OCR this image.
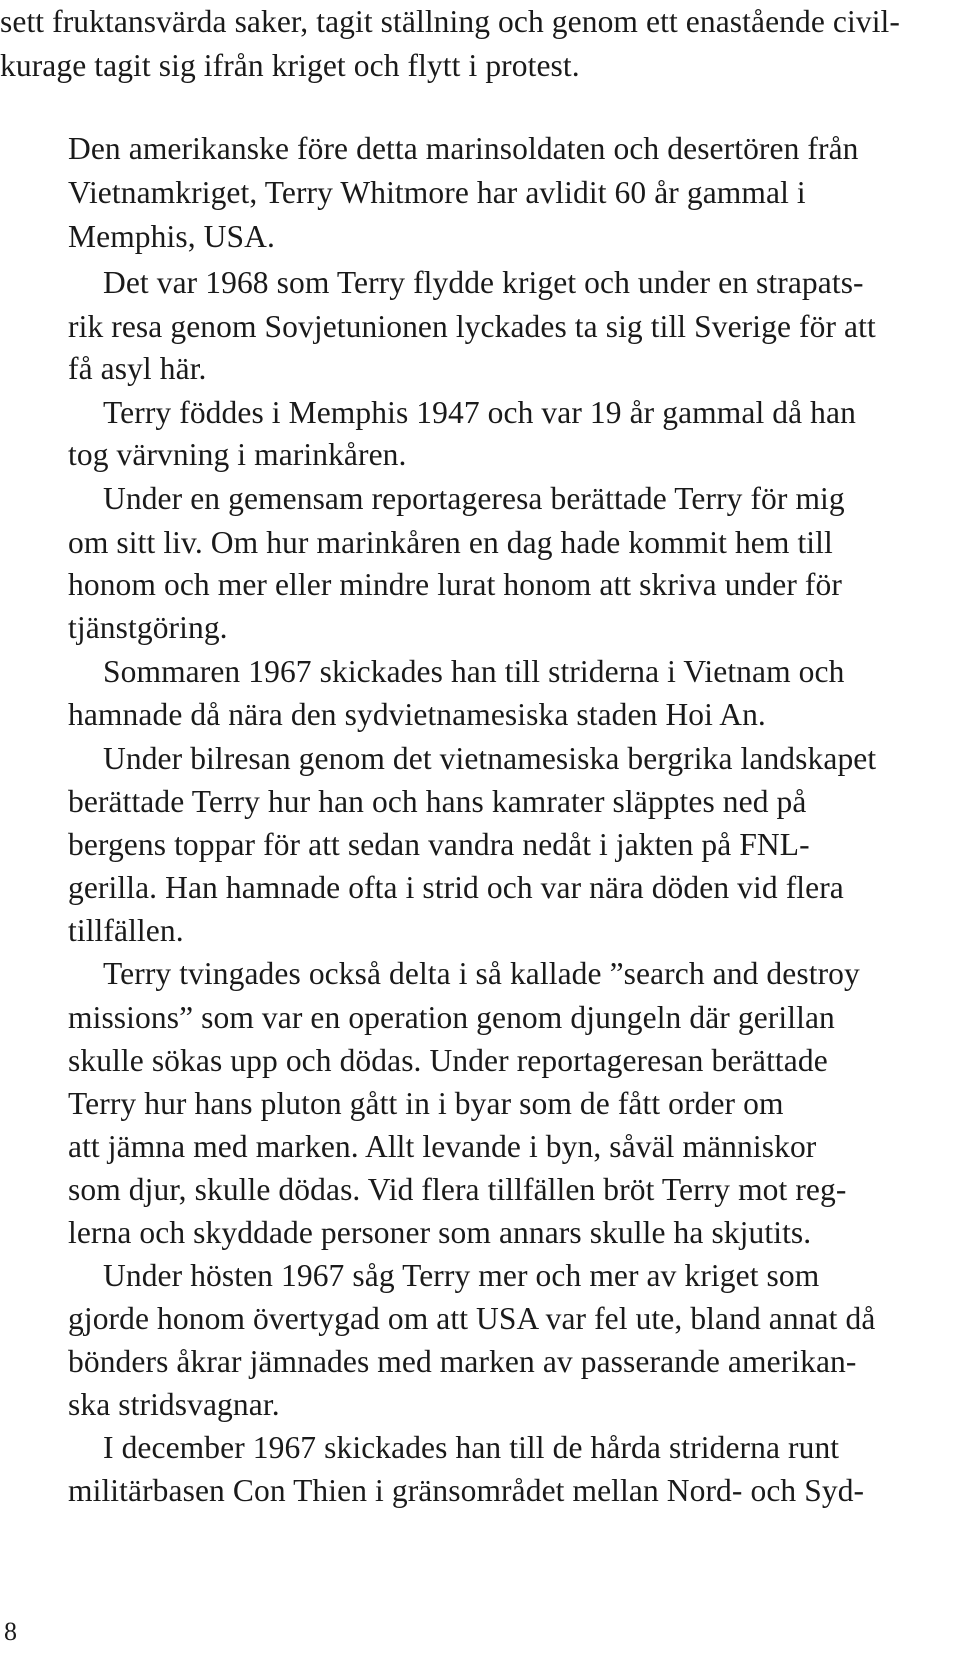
sett fruktansvärda saker, tagit ställning och genom ett enastående civil-
kurage tagit sig ifrån kriget och flytt i protest.
Den amerikanske före detta marinsoldaten och desertören från
Vietnamkriget, Terry Whitmore har avlidit 60 år gammal i
Memphis, USA.
Det var 1968 som Terry flydde kriget och under en strapats-
rik resa genom Sovjetunionen lyckades ta sig till Sverige för att
få asyl här.
Terry föddes i Memphis 1947 och var 19 år gammal då han
tog värvning i marinkåren.
Under en gemensam reportageresa berättade Terry för mig
om sitt liv. Om hur marinkåren en dag hade kommit hem till
honom och mer eller mindre lurat honom att skriva under för
tjänstgöring.
Sommaren 1967 skickades han till striderna i Vietnam och
hamnade då nära den sydvietnamesiska staden Hoi An.
Under bilresan genom det vietnamesiska bergrika landskapet
berättade Terry hur han och hans kamrater släpptes ned på
bergens toppar för att sedan vandra nedåt i jakten på FNL-
gerilla. Han hamnade ofta i strid och var nära döden vid flera
tillfällen.
Terry tvingades också delta i så kallade ”search and destroy
missions” som var en operation genom djungeln där gerillan
skulle sökas upp och dödas. Under reportageresan berättade
Terry hur hans pluton gått in i byar som de fått order om
att jämna med marken. Allt levande i byn, såväl människor
som djur, skulle dödas. Vid flera tillfällen bröt Terry mot reg-
lerna och skyddade personer som annars skulle ha skjutits.
Under hösten 1967 såg Terry mer och mer av kriget som
gjorde honom övertygad om att USA var fel ute, bland annat då
bönders åkrar jämnades med marken av passerande amerikan-
ska stridsvagnar.
I december 1967 skickades han till de hårda striderna runt
militärbasen Con Thien i gränsområdet mellan Nord- och Syd-
8
